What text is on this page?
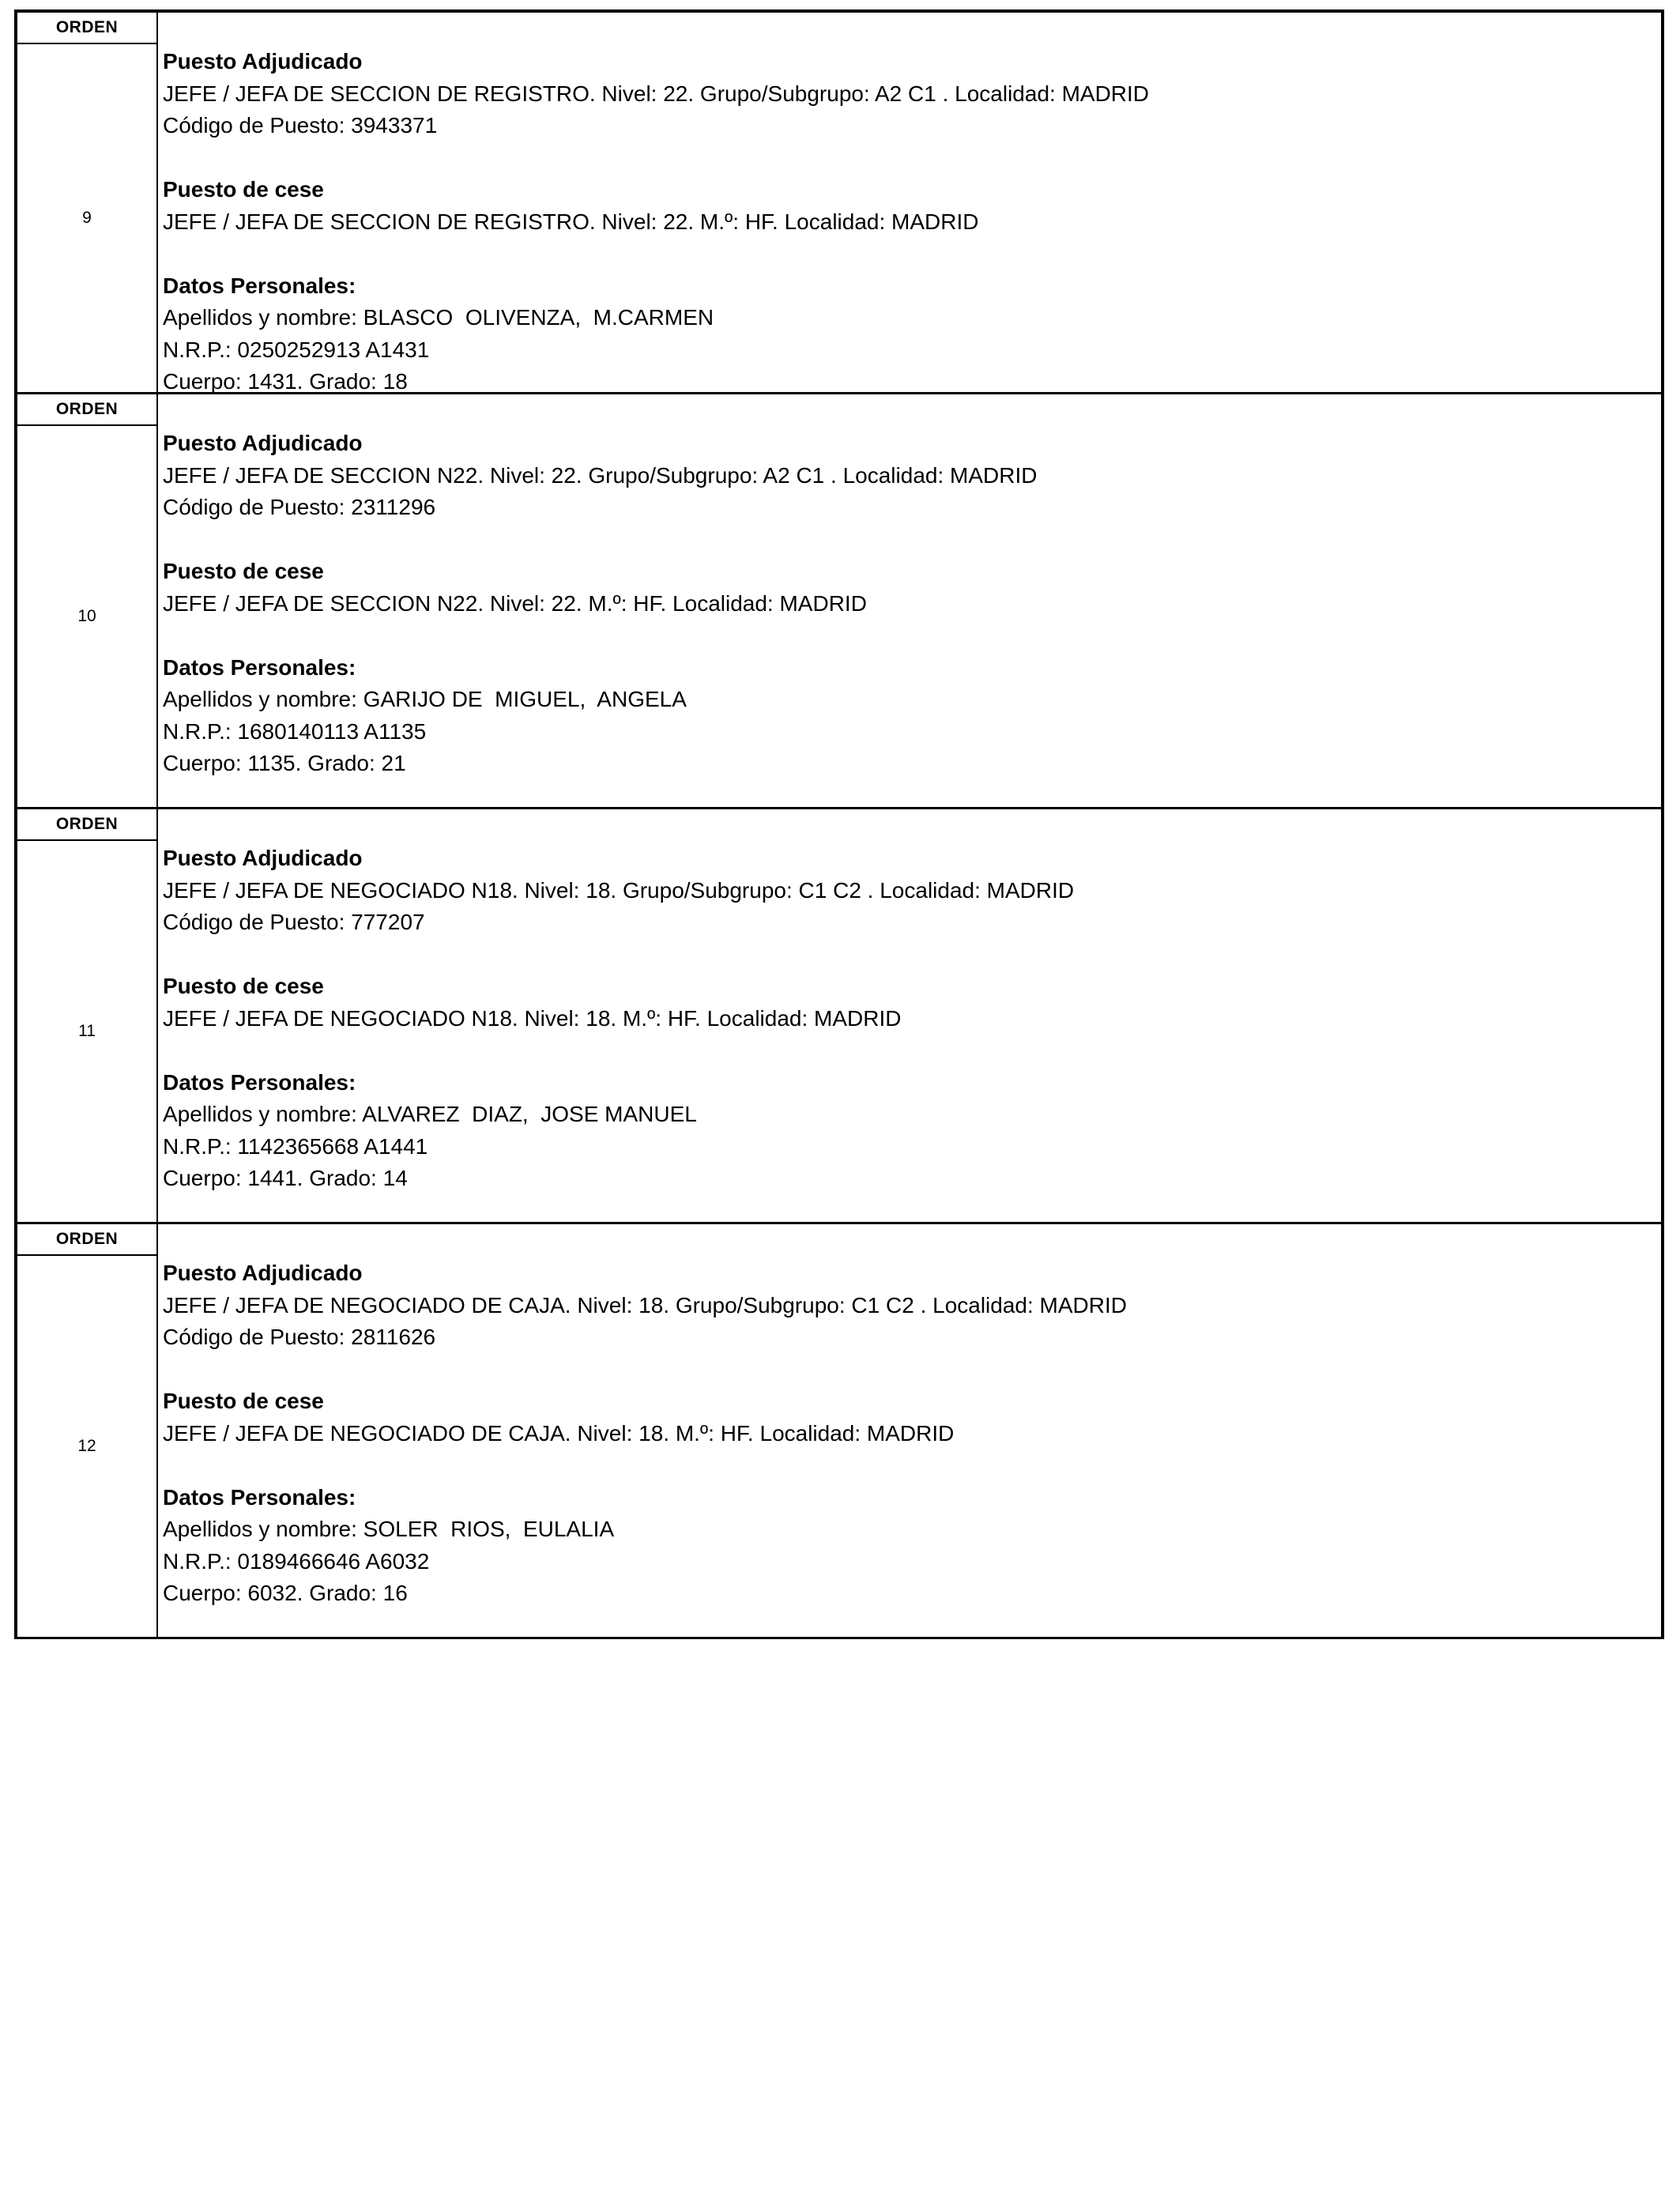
ORDEN
9
Puesto Adjudicado
JEFE / JEFA DE SECCION DE REGISTRO. Nivel: 22. Grupo/Subgrupo: A2 C1 . Localidad: MADRID
Código de Puesto: 3943371
Puesto de cese
JEFE / JEFA DE SECCION DE REGISTRO. Nivel: 22. M.º: HF. Localidad: MADRID
Datos Personales:
Apellidos y nombre: BLASCO  OLIVENZA,  M.CARMEN
N.R.P.: 0250252913 A1431
Cuerpo: 1431. Grado: 18
ORDEN
10
Puesto Adjudicado
JEFE / JEFA DE SECCION N22. Nivel: 22. Grupo/Subgrupo: A2 C1 . Localidad: MADRID
Código de Puesto: 2311296
Puesto de cese
JEFE / JEFA DE SECCION N22. Nivel: 22. M.º: HF. Localidad: MADRID
Datos Personales:
Apellidos y nombre: GARIJO DE  MIGUEL,  ANGELA
N.R.P.: 1680140113 A1135
Cuerpo: 1135. Grado: 21
ORDEN
11
Puesto Adjudicado
JEFE / JEFA DE NEGOCIADO N18. Nivel: 18. Grupo/Subgrupo: C1 C2 . Localidad: MADRID
Código de Puesto: 777207
Puesto de cese
JEFE / JEFA DE NEGOCIADO N18. Nivel: 18. M.º: HF. Localidad: MADRID
Datos Personales:
Apellidos y nombre: ALVAREZ  DIAZ,  JOSE MANUEL
N.R.P.: 1142365668 A1441
Cuerpo: 1441. Grado: 14
ORDEN
12
Puesto Adjudicado
JEFE / JEFA DE NEGOCIADO DE CAJA. Nivel: 18. Grupo/Subgrupo: C1 C2 . Localidad: MADRID
Código de Puesto: 2811626
Puesto de cese
JEFE / JEFA DE NEGOCIADO DE CAJA. Nivel: 18. M.º: HF. Localidad: MADRID
Datos Personales:
Apellidos y nombre: SOLER  RIOS,  EULALIA
N.R.P.: 0189466646 A6032
Cuerpo: 6032. Grado: 16
